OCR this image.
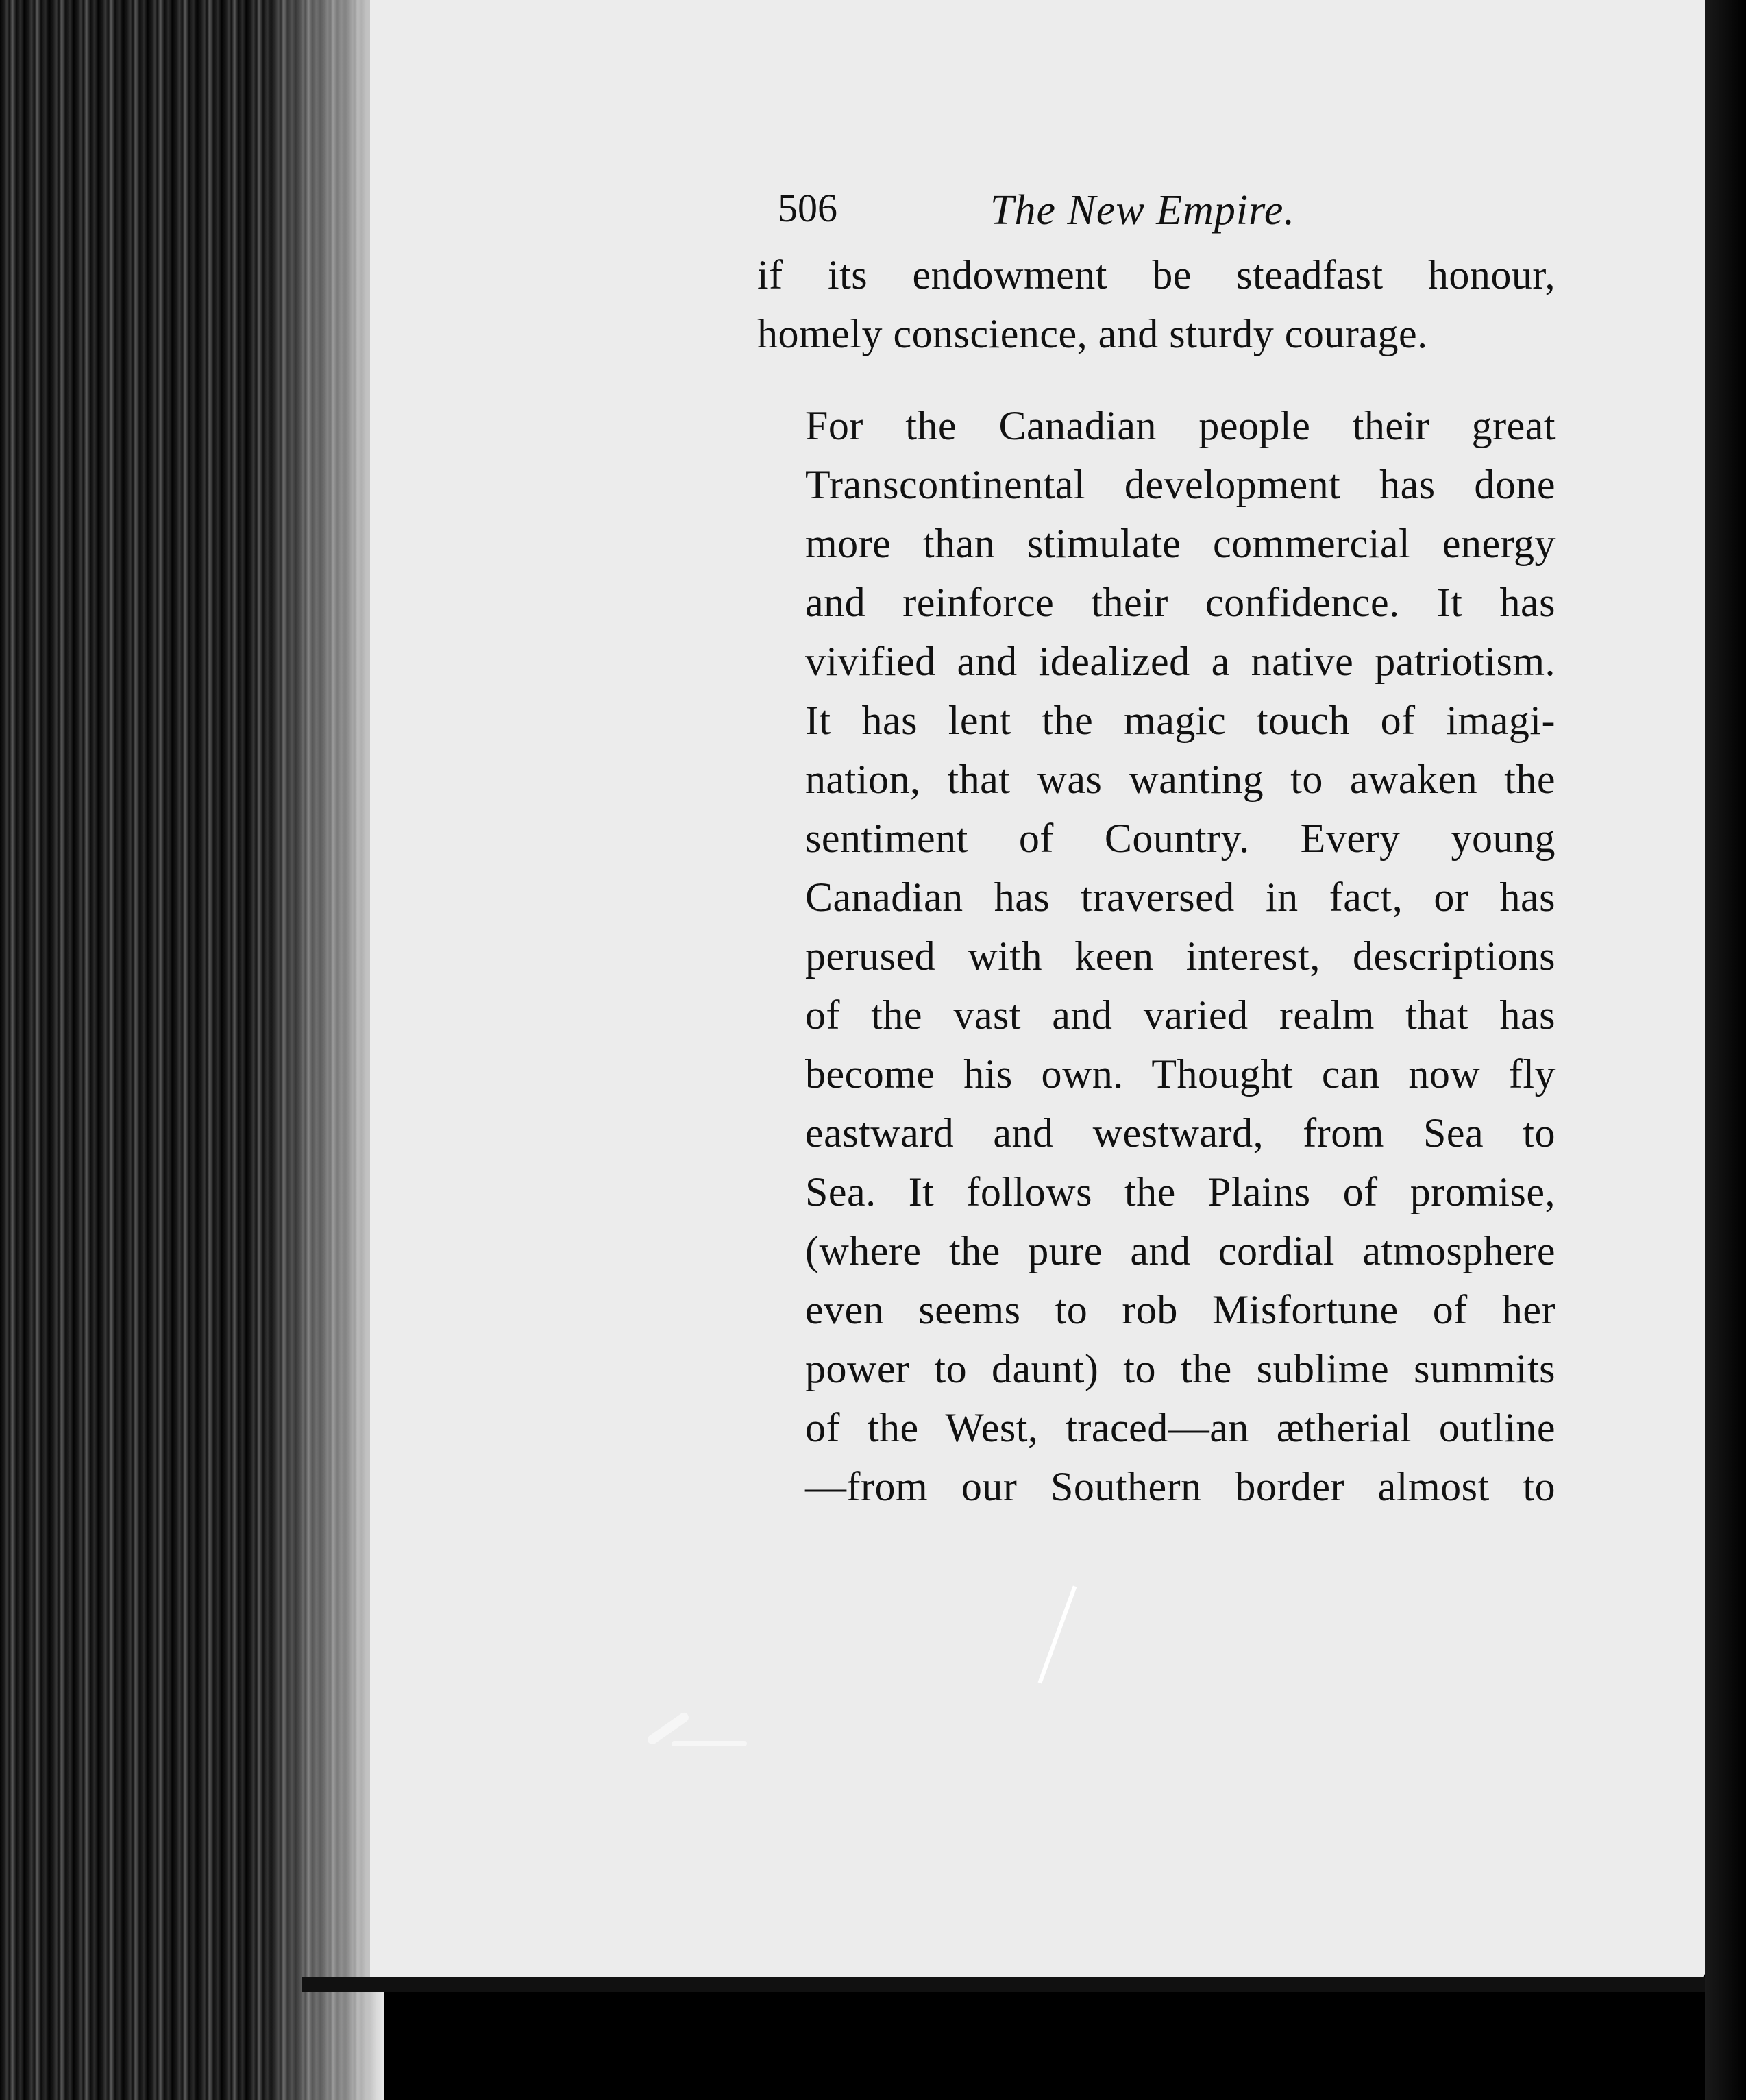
506	The New Empire.

if its endowment be steadfast honour,
homely conscience, and sturdy courage.

For the Canadian people their great
Transcontinental development has done
more than stimulate commercial energy
and reinforce their confidence. It has
vivified and idealized a native patriotism.
It has lent the magic touch of imagi-
nation, that was wanting to awaken the
sentiment of Country. Every young
Canadian has traversed in fact, or has
perused with keen interest, descriptions
of the vast and varied realm that has
become his own. Thought can now fly
eastward and westward, from Sea to
Sea. It follows the Plains of promise,
(where the pure and cordial atmosphere
even seems to rob Misfortune of her
power to daunt) to the sublime summits
of the West, traced—an ætherial outline
—from our Southern border almost to
